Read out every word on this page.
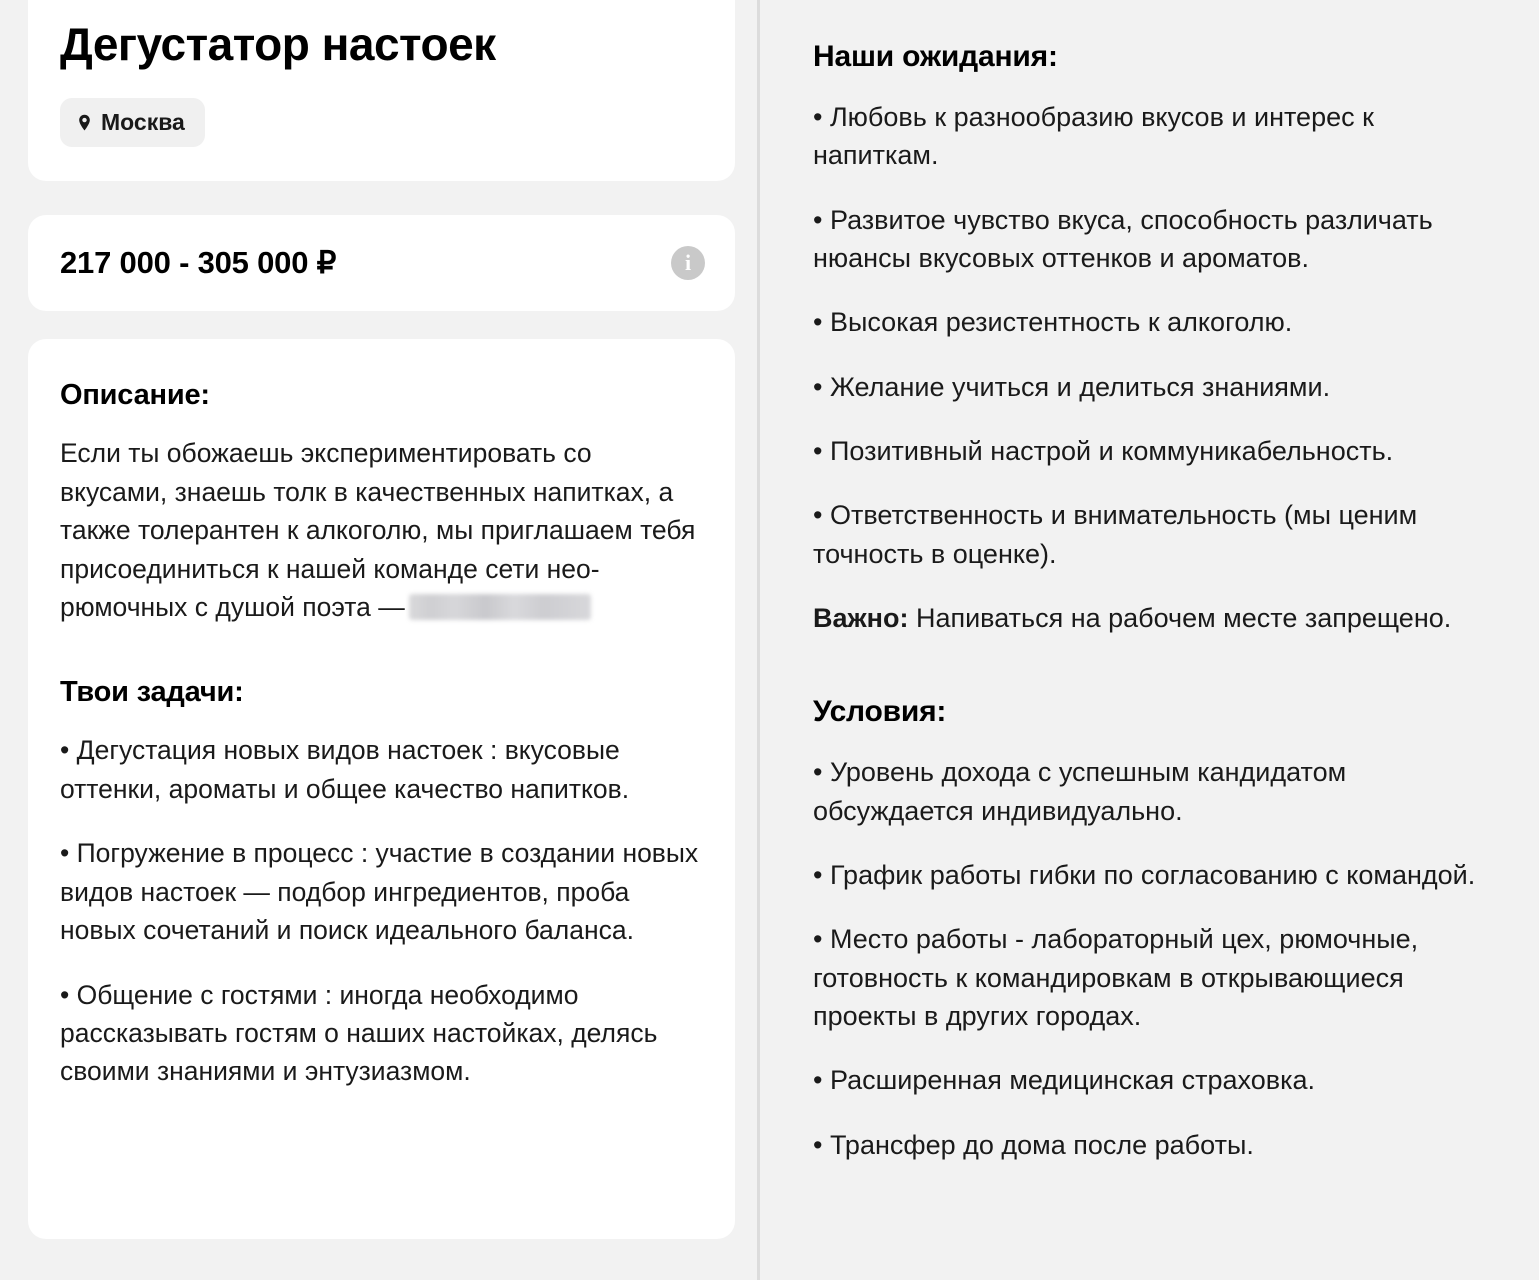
Дегустатор настоек
Москва
217 000 - 305 000 ₽	i
Описание:

Если ты обожаешь экспериментировать со вкусами, знаешь толк в качественных напитках, а также толерантен к алкоголю, мы приглашаем тебя присоединиться к нашей команде сети нео-рюмочных с душой поэта —

Твои задачи:

• Дегустация новых видов настоек : вкусовые оттенки, ароматы и общее качество напитков.

• Погружение в процесс : участие в создании новых видов настоек — подбор ингредиентов, проба новых сочетаний и поиск идеального баланса.

• Общение с гостями : иногда необходимо рассказывать гостям о наших настойках, делясь своими знаниями и энтузиазмом.

Наши ожидания:

• Любовь к разнообразию вкусов и интерес к напиткам.

• Развитое чувство вкуса, способность различать нюансы вкусовых оттенков и ароматов.

• Высокая резистентность к алкоголю.

• Желание учиться и делиться знаниями.

• Позитивный настрой и коммуникабельность.

• Ответственность и внимательность (мы ценим точность в оценке).

Важно: Напиваться на рабочем месте запрещено.

Условия:

• Уровень дохода с успешным кандидатом обсуждается индивидуально.

• График работы гибки по согласованию с командой.

• Место работы - лабораторный цех, рюмочные, готовность к командировкам в открывающиеся проекты в других городах.

• Расширенная медицинская страховка.

• Трансфер до дома после работы.
